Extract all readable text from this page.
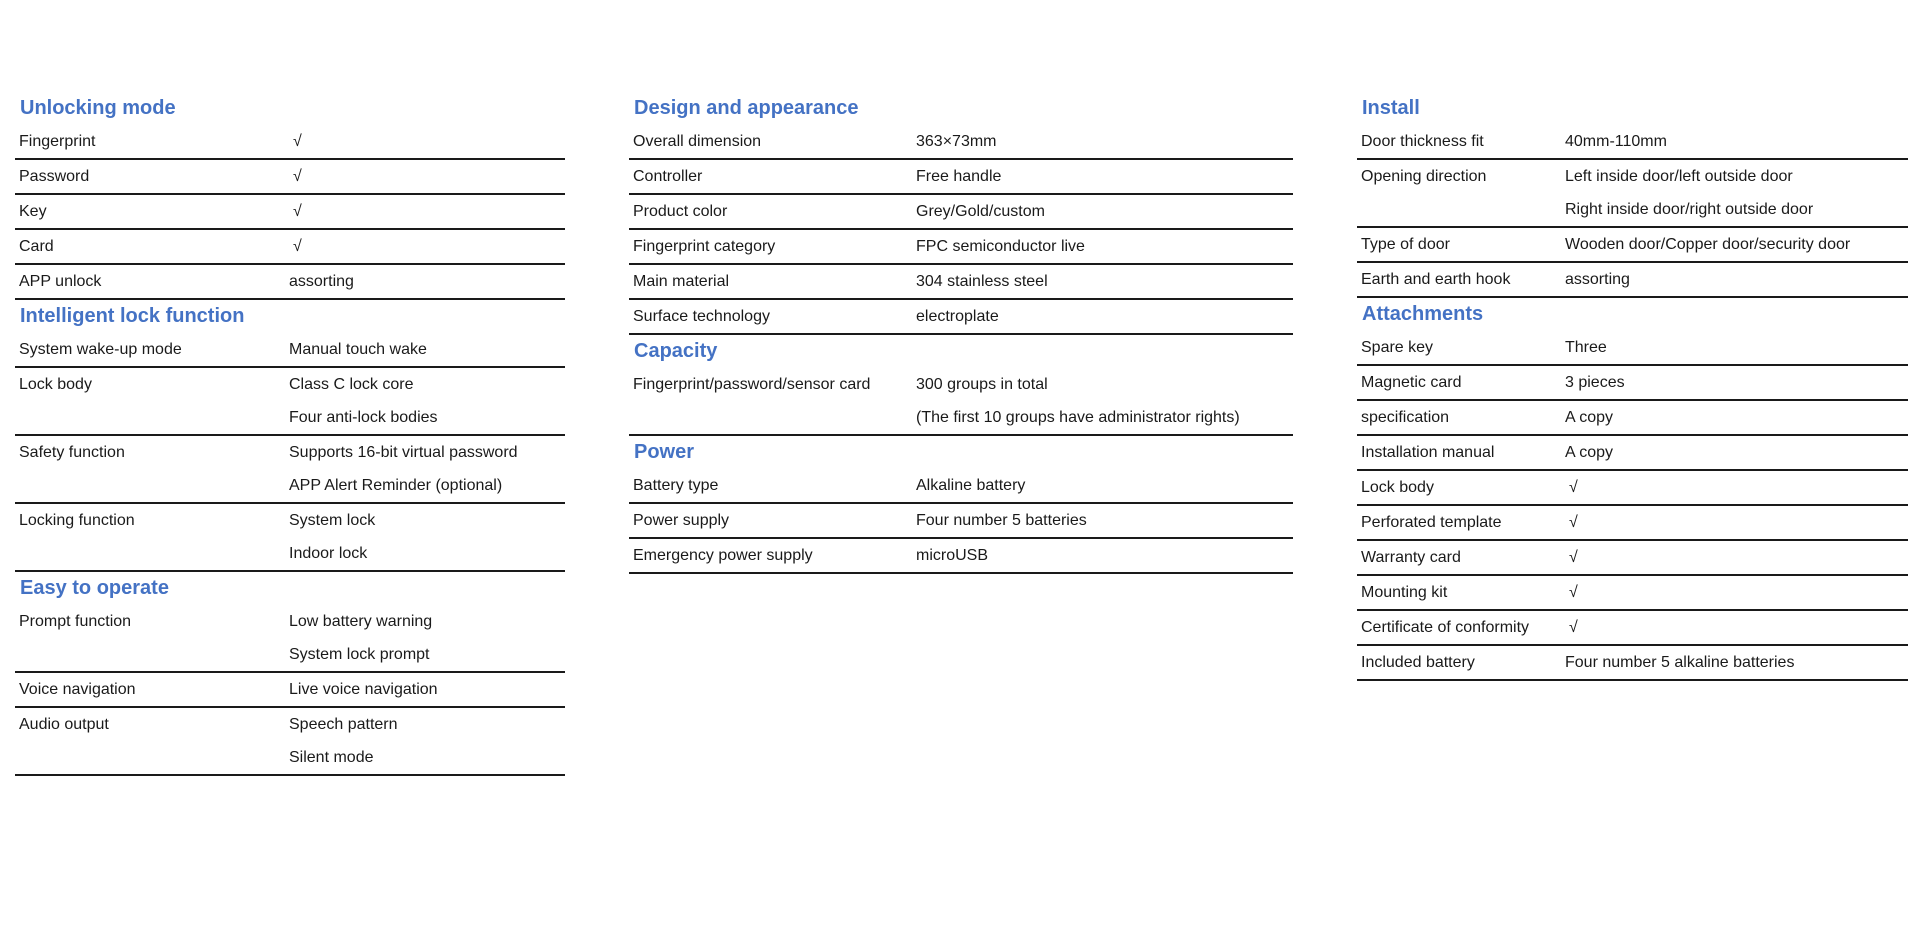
Unlocking mode
Fingerprint	√
Password	√
Key	√
Card	√
APP unlock	assorting
Intelligent lock function
System wake-up mode	Manual touch wake
Lock body	Class C lock core
Four anti-lock bodies
Safety function	Supports 16-bit virtual password
APP Alert Reminder (optional)
Locking function	System lock
Indoor lock
Easy to operate
Prompt function	Low battery warning
System lock prompt
Voice navigation	Live voice navigation
Audio output	Speech pattern
Silent mode
Design and appearance
Overall dimension	363×73mm
Controller	Free handle
Product color	Grey/Gold/custom
Fingerprint category	FPC semiconductor live
Main material	304 stainless steel
Surface technology	electroplate
Capacity
Fingerprint/password/sensor card	300 groups in total
(The first 10 groups have administrator rights)
Power
Battery type	Alkaline battery
Power supply	Four number 5 batteries
Emergency power supply	microUSB
Install
Door thickness fit	40mm-110mm
Opening direction	Left inside door/left outside door
Right inside door/right outside door
Type of door	Wooden door/Copper door/security door
Earth and earth hook	assorting
Attachments
Spare key	Three
Magnetic card	3 pieces
specification	A copy
Installation manual	A copy
Lock body	√
Perforated template	√
Warranty card	√
Mounting kit	√
Certificate of conformity	√
Included battery	Four number 5 alkaline batteries
